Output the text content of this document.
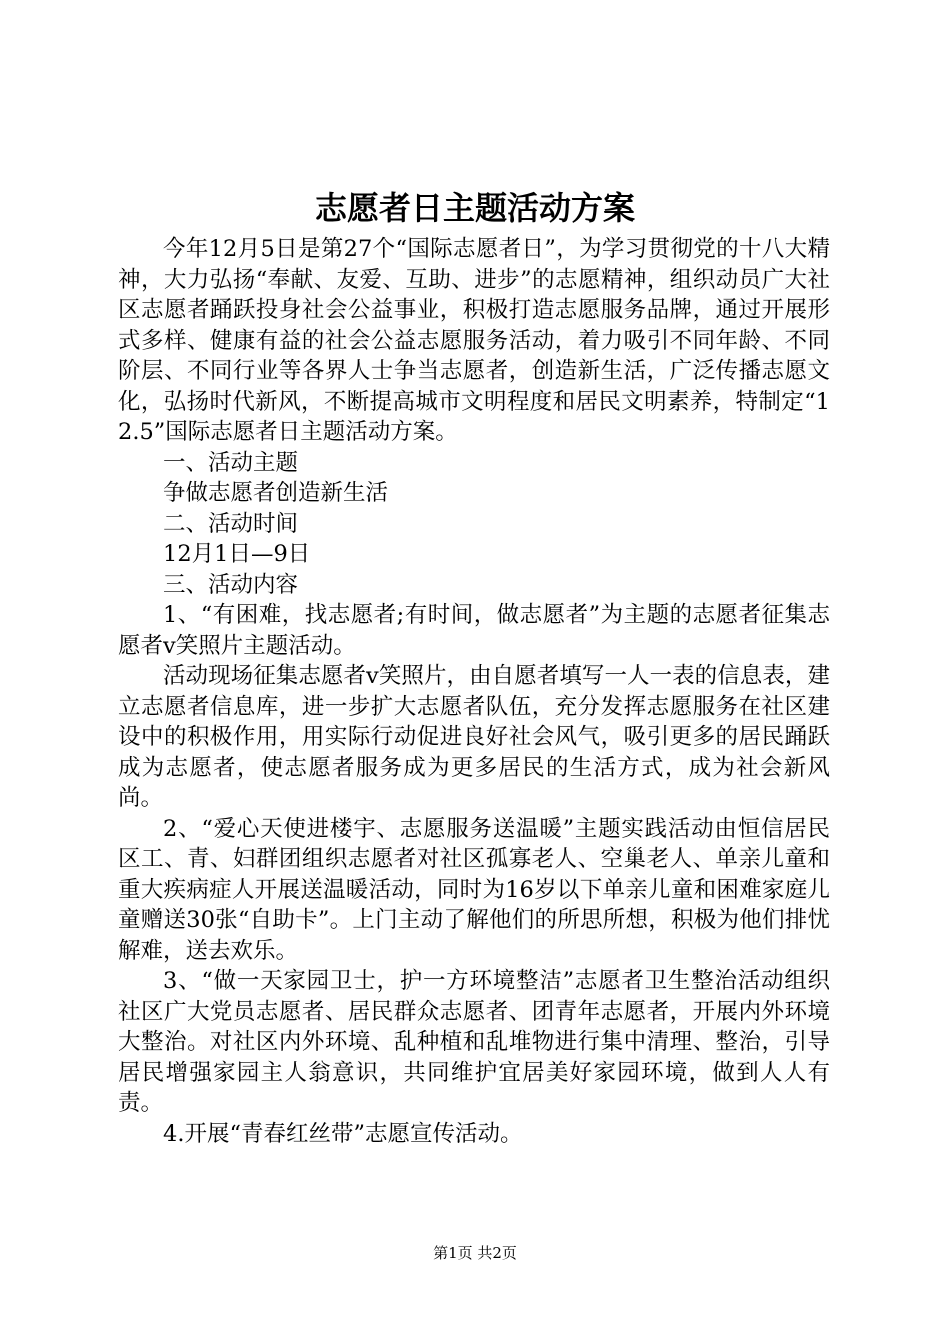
志愿者日主题活动方案

今年12月5日是第27个“国际志愿者日”，为学习贯彻党的十八大精神，大力弘扬“奉献、友爱、互助、进步”的志愿精神，组织动员广大社区志愿者踊跃投身社会公益事业，积极打造志愿服务品牌，通过开展形式多样、健康有益的社会公益志愿服务活动，着力吸引不同年龄、不同阶层、不同行业等各界人士争当志愿者，创造新生活，广泛传播志愿文化，弘扬时代新风，不断提高城市文明程度和居民文明素养，特制定“12.5”国际志愿者日主题活动方案。

一、活动主题

争做志愿者创造新生活

二、活动时间

12月1日—9日

三、活动内容

1、“有困难，找志愿者;有时间，做志愿者”为主题的志愿者征集志愿者v笑照片主题活动。

活动现场征集志愿者v笑照片，由自愿者填写一人一表的信息表，建立志愿者信息库，进一步扩大志愿者队伍，充分发挥志愿服务在社区建设中的积极作用，用实际行动促进良好社会风气，吸引更多的居民踊跃成为志愿者，使志愿者服务成为更多居民的生活方式，成为社会新风尚。

2、“爱心天使进楼宇、志愿服务送温暖”主题实践活动由恒信居民区工、青、妇群团组织志愿者对社区孤寡老人、空巢老人、单亲儿童和重大疾病症人开展送温暖活动，同时为16岁以下单亲儿童和困难家庭儿童赠送30张“自助卡”。上门主动了解他们的所思所想，积极为他们排忧解难，送去欢乐。

3、“做一天家园卫士，护一方环境整洁”志愿者卫生整治活动组织社区广大党员志愿者、居民群众志愿者、团青年志愿者，开展内外环境大整治。对社区内外环境、乱种植和乱堆物进行集中清理、整治，引导居民增强家园主人翁意识，共同维护宜居美好家园环境，做到人人有责。

4.开展“青春红丝带”志愿宣传活动。

第1页 共2页
